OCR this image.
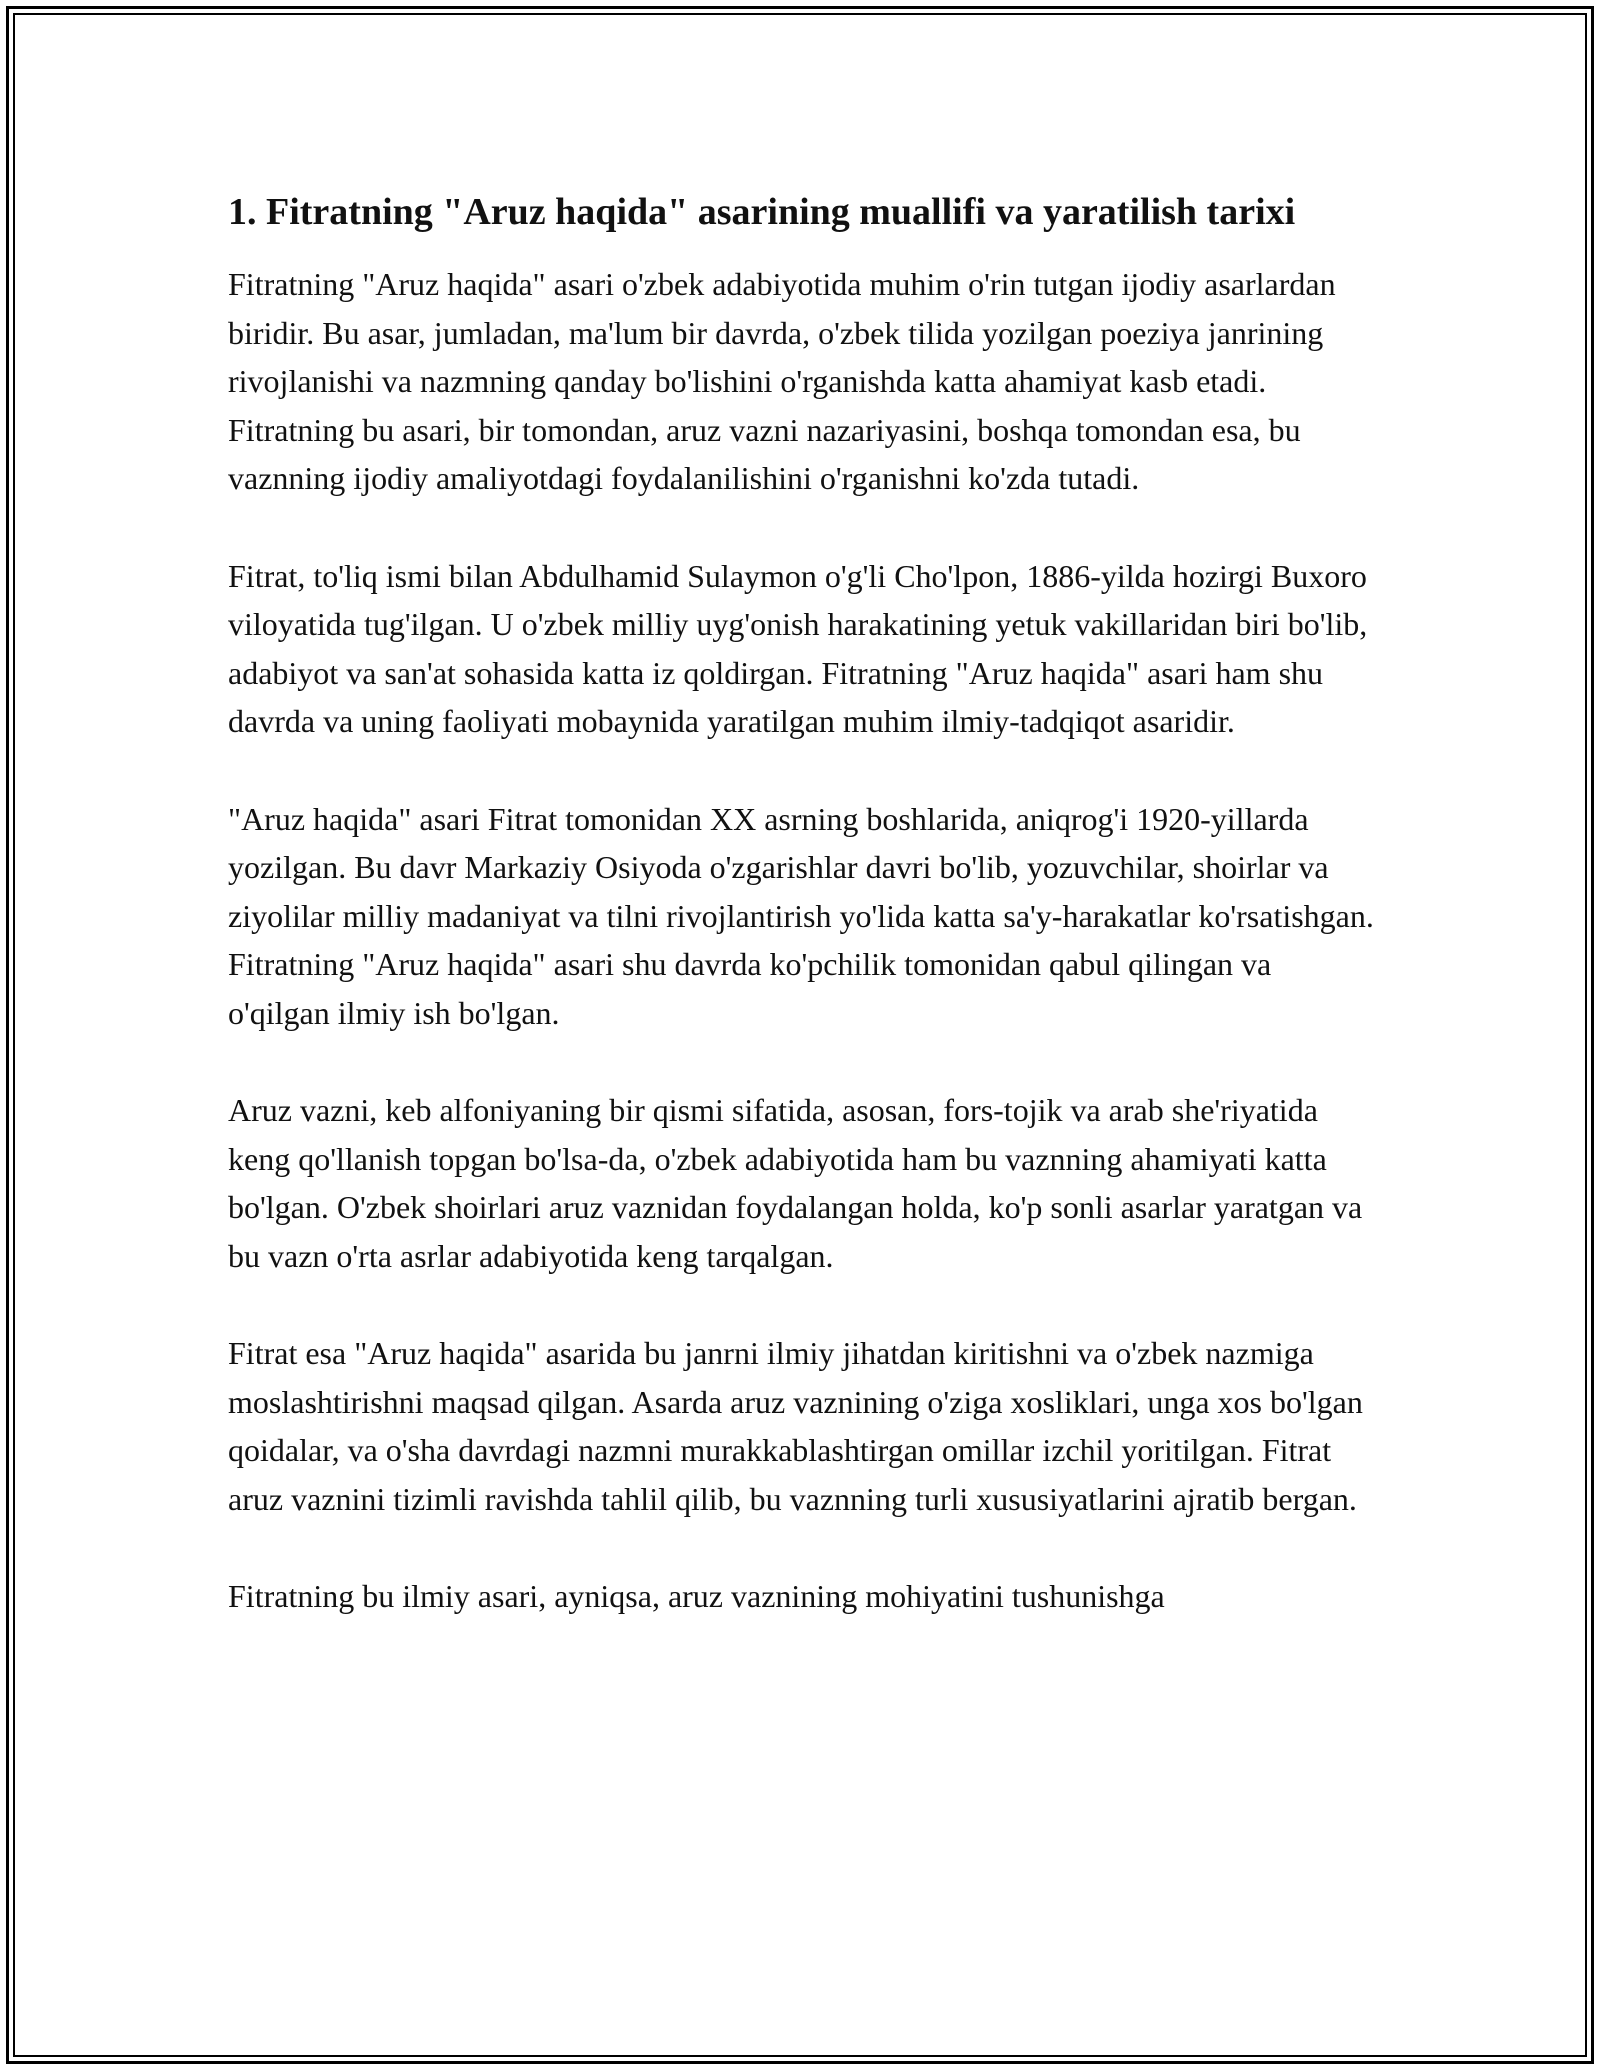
1. Fitratning "Aruz haqida" asarining muallifi va yaratilish tarixi

Fitratning "Aruz haqida" asari o'zbek adabiyotida muhim o'rin tutgan ijodiy asarlardan biridir. Bu asar, jumladan, ma'lum bir davrda, o'zbek tilida yozilgan poeziya janrining rivojlanishi va nazmning qanday bo'lishini o'rganishda katta ahamiyat kasb etadi. Fitratning bu asari, bir tomondan, aruz vazni nazariyasini, boshqa tomondan esa, bu vaznning ijodiy amaliyotdagi foydalanilishini o'rganishni ko'zda tutadi.

Fitrat, to'liq ismi bilan Abdulhamid Sulaymon o'g'li Cho'lpon, 1886-yilda hozirgi Buxoro viloyatida tug'ilgan. U o'zbek milliy uyg'onish harakatining yetuk vakillaridan biri bo'lib, adabiyot va san'at sohasida katta iz qoldirgan. Fitratning "Aruz haqida" asari ham shu davrda va uning faoliyati mobaynida yaratilgan muhim ilmiy-tadqiqot asaridir.

"Aruz haqida" asari Fitrat tomonidan XX asrning boshlarida, aniqrog'i 1920-yillarda yozilgan. Bu davr Markaziy Osiyoda o'zgarishlar davri bo'lib, yozuvchilar, shoirlar va ziyolilar milliy madaniyat va tilni rivojlantirish yo'lida katta sa'y-harakatlar ko'rsatishgan. Fitratning "Aruz haqida" asari shu davrda ko'pchilik tomonidan qabul qilingan va o'qilgan ilmiy ish bo'lgan.

Aruz vazni, keb alfoniyaning bir qismi sifatida, asosan, fors-tojik va arab she'riyatida keng qo'llanish topgan bo'lsa-da, o'zbek adabiyotida ham bu vaznning ahamiyati katta bo'lgan. O'zbek shoirlari aruz vaznidan foydalangan holda, ko'p sonli asarlar yaratgan va bu vazn o'rta asrlar adabiyotida keng tarqalgan.

Fitrat esa "Aruz haqida" asarida bu janrni ilmiy jihatdan kiritishni va o'zbek nazmiga moslashtirishni maqsad qilgan. Asarda aruz vaznining o'ziga xosliklari, unga xos bo'lgan qoidalar, va o'sha davrdagi nazmni murakkablashtirgan omillar izchil yoritilgan. Fitrat aruz vaznini tizimli ravishda tahlil qilib, bu vaznning turli xususiyatlarini ajratib bergan.

Fitratning bu ilmiy asari, ayniqsa, aruz vaznining mohiyatini tushunishga
